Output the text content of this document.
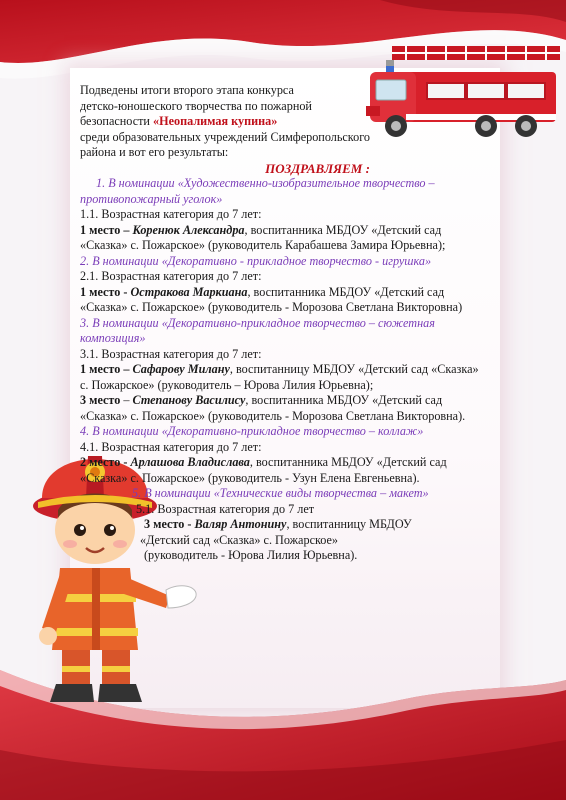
Подведены итоги второго этапа конкурса

детско-юношеского творчества по пожарной

безопасности «Неопалимая купина»

среди образовательных учреждений Симферопольского

района и вот его результаты:

ПОЗДРАВЛЯЕМ :

1. В номинации «Художественно-изобразительное творчество –

противопожарный уголок»

1.1. Возрастная категория до 7 лет:

1 место – Коренюк Александра, воспитанника МБДОУ «Детский сад

«Сказка» с. Пожарское» (руководитель Карабашева Замира Юрьевна);

2. В номинации «Декоративно - прикладное творчество - игрушка»

2.1. Возрастная категория до 7 лет:

1 место - Остракова Маркиана, воспитанника МБДОУ «Детский сад

«Сказка» с. Пожарское» (руководитель - Морозова Светлана Викторовна)

3. В номинации «Декоративно-прикладное творчество – сюжетная

композиция»

3.1. Возрастная категория до 7 лет:

1 место – Сафарову Милану, воспитанницу МБДОУ «Детский сад «Сказка»

с. Пожарское» (руководитель – Юрова Лилия Юрьевна);

3 место – Степанову Василису, воспитанника МБДОУ «Детский сад

«Сказка» с. Пожарское» (руководитель - Морозова Светлана Викторовна).

4. В номинации «Декоративно-прикладное творчество – коллаж»

4.1. Возрастная категория до 7 лет:

2 место - Арлашова Владислава, воспитанника МБДОУ «Детский сад

«Сказка» с. Пожарское» (руководитель - Узун Елена Евгеньевна).

5. В номинации «Технические виды творчества – макет»

5.1. Возрастная категория до 7 лет

3 место - Валяр Антонину, воспитанницу МБДОУ

«Детский сад «Сказка» с. Пожарское»

(руководитель - Юрова Лилия Юрьевна).
